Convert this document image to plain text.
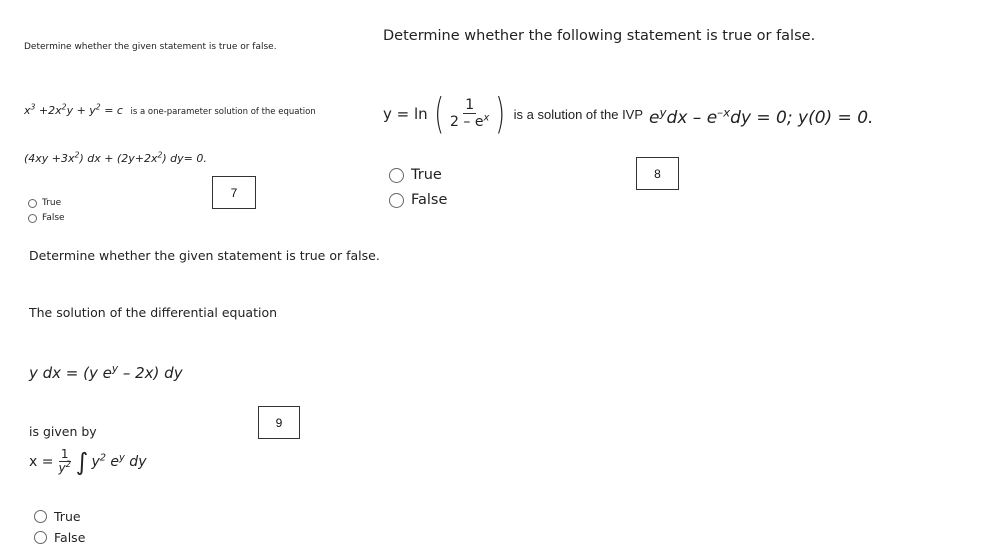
Determine whether the given statement is true or false.
$x^3 +2x^2y + y^2 = c$ is a one-parameter solution of the equation
$(4xy +3x^2)$ dx + $(2y+2x^2)$ dy= 0.
7
True
False
Determine whether the given statement is true or false.
The solution of the differential equation
y dx = (y $e^y - 2x$) dy
9
is given by
$x = \frac{1}{y^2}$ ∫ $y^2$ $e^y$ dy
True
False
Determine whether the following statement is true or false.
y = ln ( $\frac{1}{2 - e^x}$ ) is a solution of the IVP $e^ydx - e^{-x}dy = 0$; y(0) = 0.
8
True
False
